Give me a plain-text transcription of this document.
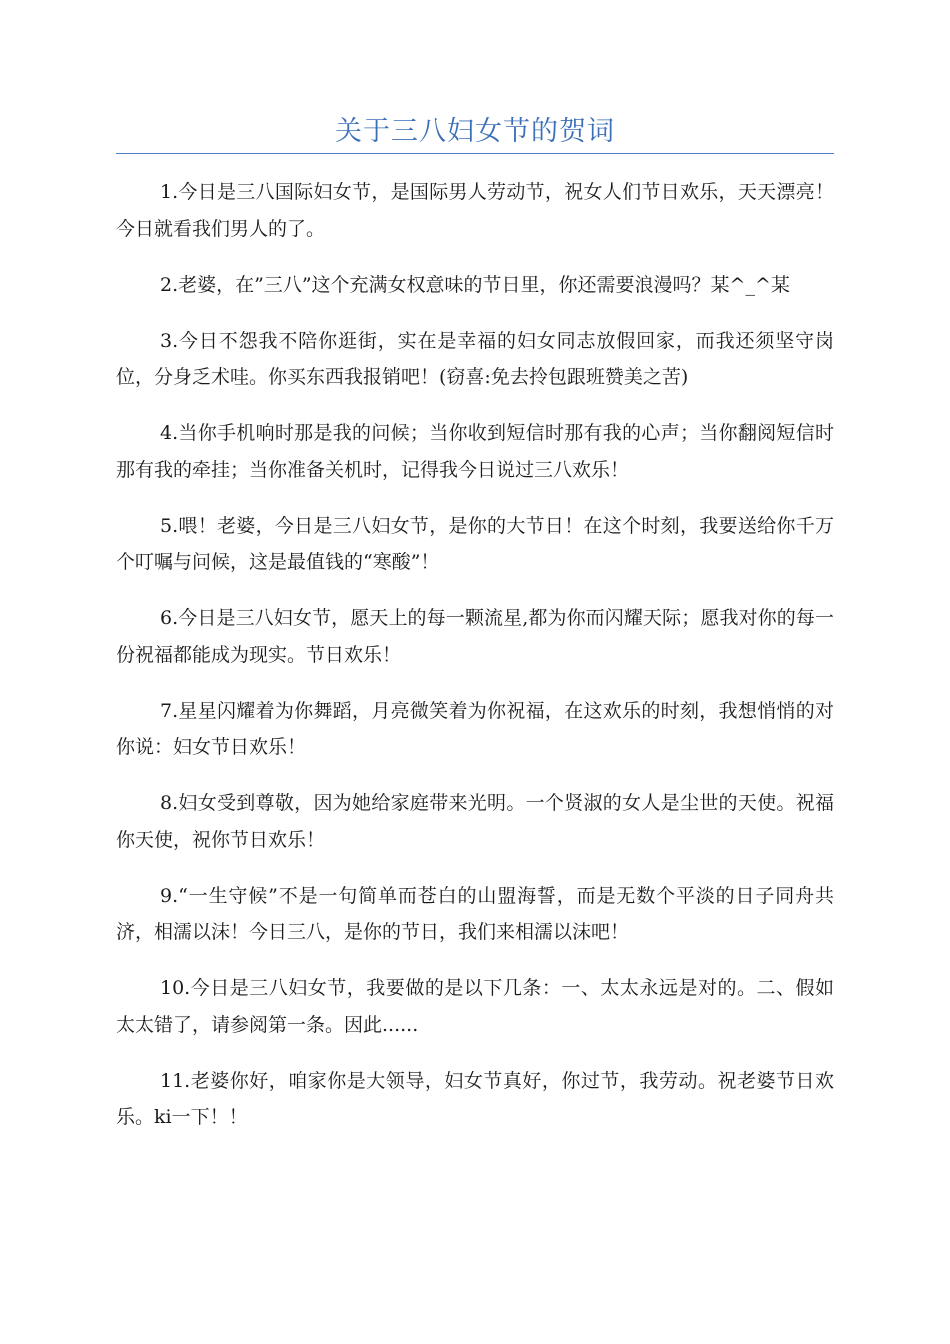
关于三八妇女节的贺词

1.今日是三八国际妇女节，是国际男人劳动节，祝女人们节日欢乐，天天漂亮！今日就看我们男人的了。

2.老婆，在”三八”这个充满女权意味的节日里，你还需要浪漫吗？某^_^某

3.今日不怨我不陪你逛街，实在是幸福的妇女同志放假回家，而我还须坚守岗位，分身乏术哇。你买东西我报销吧！(窃喜:免去拎包跟班赞美之苦)

4.当你手机响时那是我的问候；当你收到短信时那有我的心声；当你翻阅短信时那有我的牵挂；当你准备关机时，记得我今日说过三八欢乐！

5.喂！老婆，今日是三八妇女节，是你的大节日！在这个时刻，我要送给你千万个叮嘱与问候，这是最值钱的“寒酸”！

6.今日是三八妇女节，愿天上的每一颗流星,都为你而闪耀天际；愿我对你的每一份祝福都能成为现实。节日欢乐！

7.星星闪耀着为你舞蹈，月亮微笑着为你祝福，在这欢乐的时刻，我想悄悄的对你说：妇女节日欢乐！

8.妇女受到尊敬，因为她给家庭带来光明。一个贤淑的女人是尘世的天使。祝福你天使，祝你节日欢乐！

9.“一生守候”不是一句简单而苍白的山盟海誓，而是无数个平淡的日子同舟共济，相濡以沫！今日三八，是你的节日，我们来相濡以沫吧！

10.今日是三八妇女节，我要做的是以下几条：一、太太永远是对的。二、假如太太错了，请参阅第一条。因此......

11.老婆你好，咱家你是大领导，妇女节真好，你过节，我劳动。祝老婆节日欢乐。ki一下！！
